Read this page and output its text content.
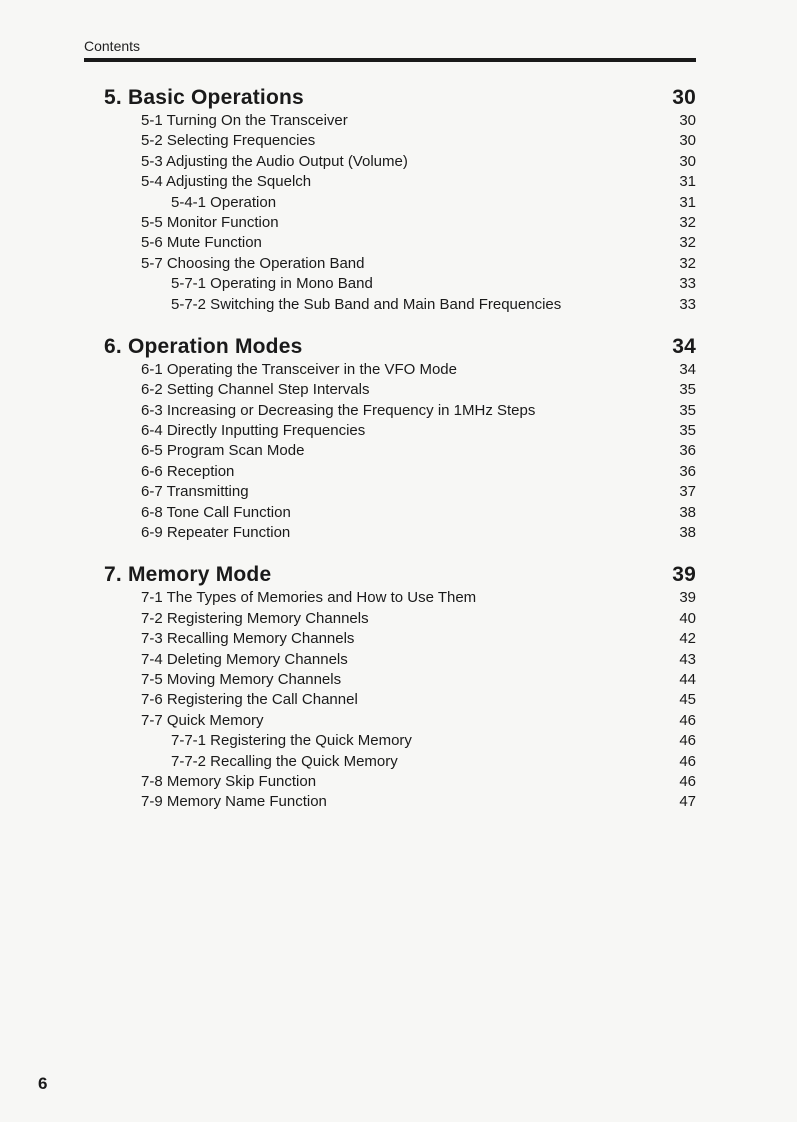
Contents
5. Basic Operations	30
5-1 Turning On the Transceiver	30
5-2 Selecting Frequencies	30
5-3 Adjusting the Audio Output (Volume)	30
5-4 Adjusting the Squelch	31
5-4-1 Operation	31
5-5 Monitor Function	32
5-6 Mute Function	32
5-7 Choosing the Operation Band	32
5-7-1 Operating in Mono Band	33
5-7-2 Switching the Sub Band and Main Band Frequencies	33
6. Operation Modes	34
6-1 Operating the Transceiver in the VFO Mode	34
6-2 Setting Channel Step Intervals	35
6-3 Increasing or Decreasing the Frequency in 1MHz Steps	35
6-4 Directly Inputting Frequencies	35
6-5 Program Scan Mode	36
6-6 Reception	36
6-7 Transmitting	37
6-8 Tone Call Function	38
6-9 Repeater Function	38
7. Memory Mode	39
7-1 The Types of Memories and How to Use Them	39
7-2 Registering Memory Channels	40
7-3 Recalling Memory Channels	42
7-4 Deleting Memory Channels	43
7-5 Moving Memory Channels	44
7-6 Registering the Call Channel	45
7-7 Quick Memory	46
7-7-1 Registering the Quick Memory	46
7-7-2 Recalling the Quick Memory	46
7-8 Memory Skip Function	46
7-9 Memory Name Function	47
6
